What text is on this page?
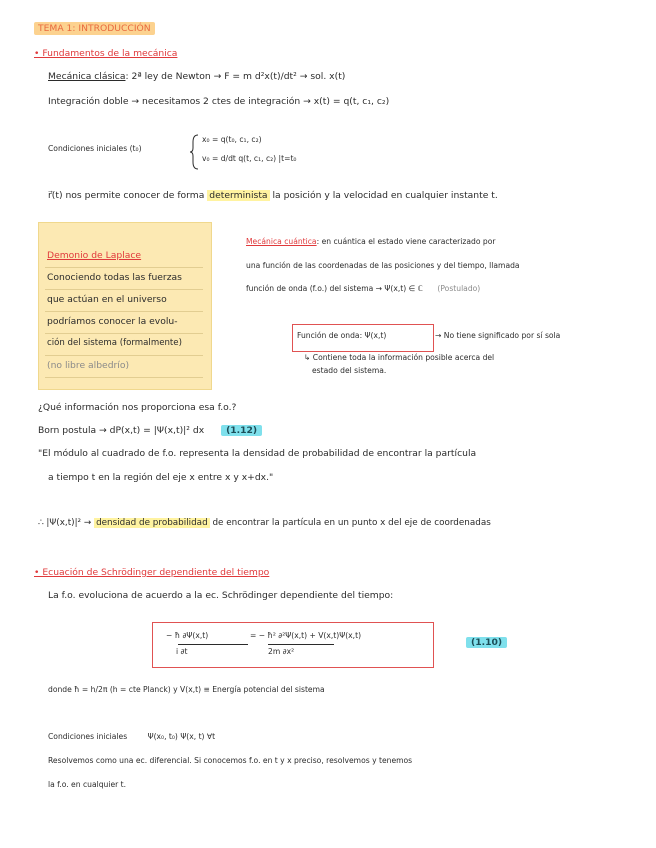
TEMA 1: INTRODUCCIÓN
• Fundamentos de la mecánica
Mecánica clásica: 2ª ley de Newton → F = m d²x(t)/dt² → sol. x(t)
Integración doble → necesitamos 2 ctes de integración → x(t) = q(t, c₁, c₂)
Condiciones iniciales (t₀)
x₀ = q(t₀, c₁, c₂)
v₀ = d/dt q(t, c₁, c₂) |t=t₀
r⃗(t) nos permite conocer de forma determinista la posición y la velocidad en cualquier instante t.
Demonio de Laplace
Conociendo todas las fuerzas
que actúan en el universo
podríamos conocer la evolu-
ción del sistema (formalmente)
(no libre albedrío)
Mecánica cuántica: en cuántica el estado viene caracterizado por
una función de las coordenadas de las posiciones y del tiempo, llamada
función de onda (f.o.) del sistema → Ψ(x,t) ∈ ℂ (Postulado)
Función de onda: Ψ(x,t)	→ No tiene significado por sí sola
↳ Contiene toda la información posible acerca del
estado del sistema.
¿Qué información nos proporciona esa f.o.?
Born postula → dP(x,t) = |Ψ(x,t)|² dx (1.12)
"El módulo al cuadrado de f.o. representa la densidad de probabilidad de encontrar la partícula
a tiempo t en la región del eje x entre x y x+dx."
∴ |Ψ(x,t)|² → densidad de probabilidad de encontrar la partícula en un punto x del eje de coordenadas
• Ecuación de Schrödinger dependiente del tiempo
La f.o. evoluciona de acuerdo a la ec. Schrödinger dependiente del tiempo:
− ħ ∂Ψ(x,t)
i ∂t
= − ħ² ∂²Ψ(x,t) + V(x,t)Ψ(x,t)
2m ∂x²
(1.10)
donde ħ = h/2π (h = cte Planck) y V(x,t) ≡ Energía potencial del sistema
Condiciones iniciales	Ψ(x₀, t₀) Ψ(x, t) ∀t
Resolvemos como una ec. diferencial. Si conocemos f.o. en t y x preciso, resolvemos y tenemos
la f.o. en cualquier t.
